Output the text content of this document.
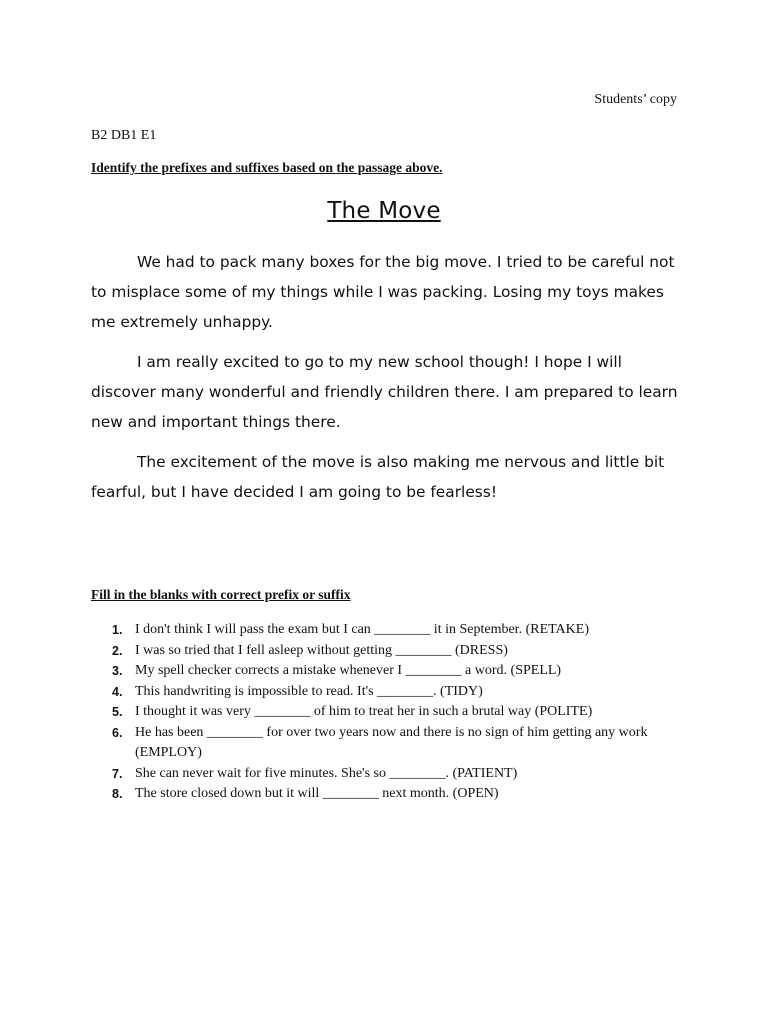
Students’ copy
B2 DB1 E1
Identify the prefixes and suffixes based on the passage above.
The Move

We had to pack many boxes for the big move. I tried to be careful not to misplace some of my things while I was packing. Losing my toys makes me extremely unhappy.

I am really excited to go to my new school though! I hope I will discover many wonderful and friendly children there. I am prepared to learn new and important things there.

The excitement of the move is also making me nervous and little bit fearful, but I have decided I am going to be fearless!

Fill in the blanks with correct prefix or suffix
1. I don't think I will pass the exam but I can ________ it in September. (RETAKE)
2. I was so tried that I fell asleep without getting ________ (DRESS)
3. My spell checker corrects a mistake whenever I ________ a word. (SPELL)
4. This handwriting is impossible to read. It's ________. (TIDY)
5. I thought it was very ________ of him to treat her in such a brutal way (POLITE)
6. He has been ________ for over two years now and there is no sign of him getting any work (EMPLOY)
7. She can never wait for five minutes. She's so ________. (PATIENT)
8. The store closed down but it will ________ next month. (OPEN)
